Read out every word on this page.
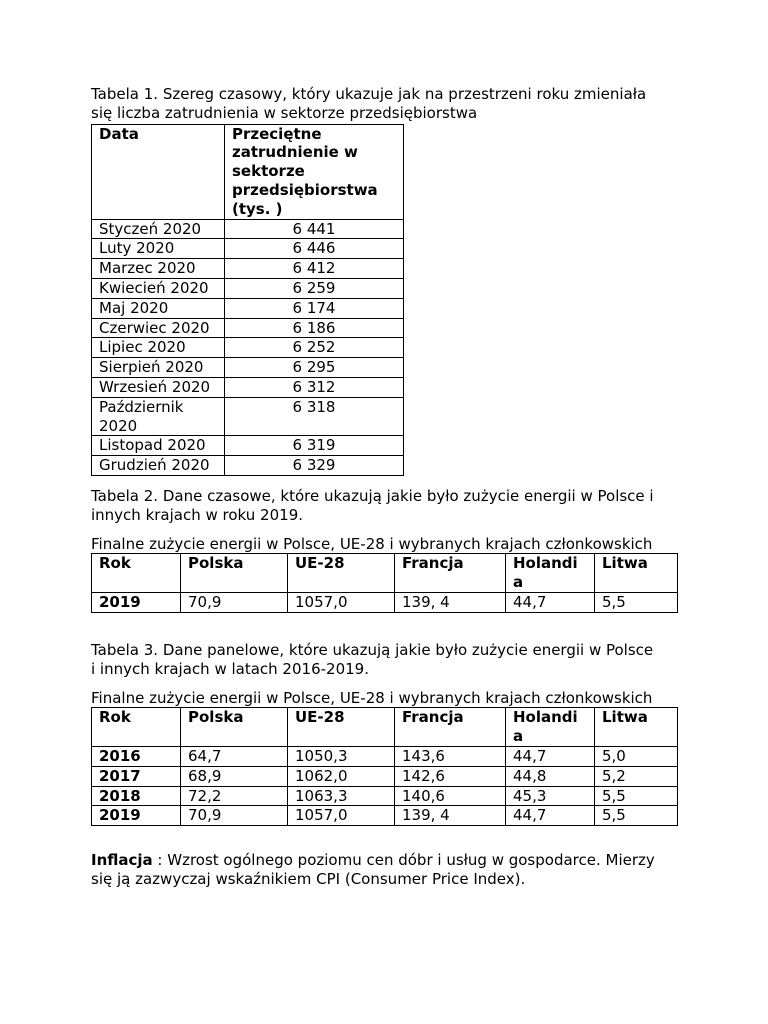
Tabela 1. Szereg czasowy, który ukazuje jak na przestrzeni roku zmieniała

się liczba zatrudnienia w sektorze przedsiębiorstwa

Data	Przeciętne zatrudnienie w sektorze przedsiębiorstwa (tys. )
Styczeń 2020	6 441
Luty 2020	6 446
Marzec 2020	6 412
Kwiecień 2020	6 259
Maj 2020	6 174
Czerwiec 2020	6 186
Lipiec 2020	6 252
Sierpień 2020	6 295
Wrzesień 2020	6 312
Październik 2020	6 318
Listopad 2020	6 319
Grudzień 2020	6 329

Tabela 2. Dane czasowe, które ukazują jakie było zużycie energii w Polsce i

innych krajach w roku 2019.

Finalne zużycie energii w Polsce, UE-28 i wybranych krajach członkowskich

Rok	Polska	UE-28	Francja	Holandi a	Litwa
2019	70,9	1057,0	139, 4	44,7	5,5

Tabela 3. Dane panelowe, które ukazują jakie było zużycie energii w Polsce

i innych krajach w latach 2016-2019.

Finalne zużycie energii w Polsce, UE-28 i wybranych krajach członkowskich

Rok	Polska	UE-28	Francja	Holandi a	Litwa
2016	64,7	1050,3	143,6	44,7	5,0
2017	68,9	1062,0	142,6	44,8	5,2
2018	72,2	1063,3	140,6	45,3	5,5
2019	70,9	1057,0	139, 4	44,7	5,5

Inflacja : Wzrost ogólnego poziomu cen dóbr i usług w gospodarce. Mierzy

się ją zazwyczaj wskaźnikiem CPI (Consumer Price Index).
